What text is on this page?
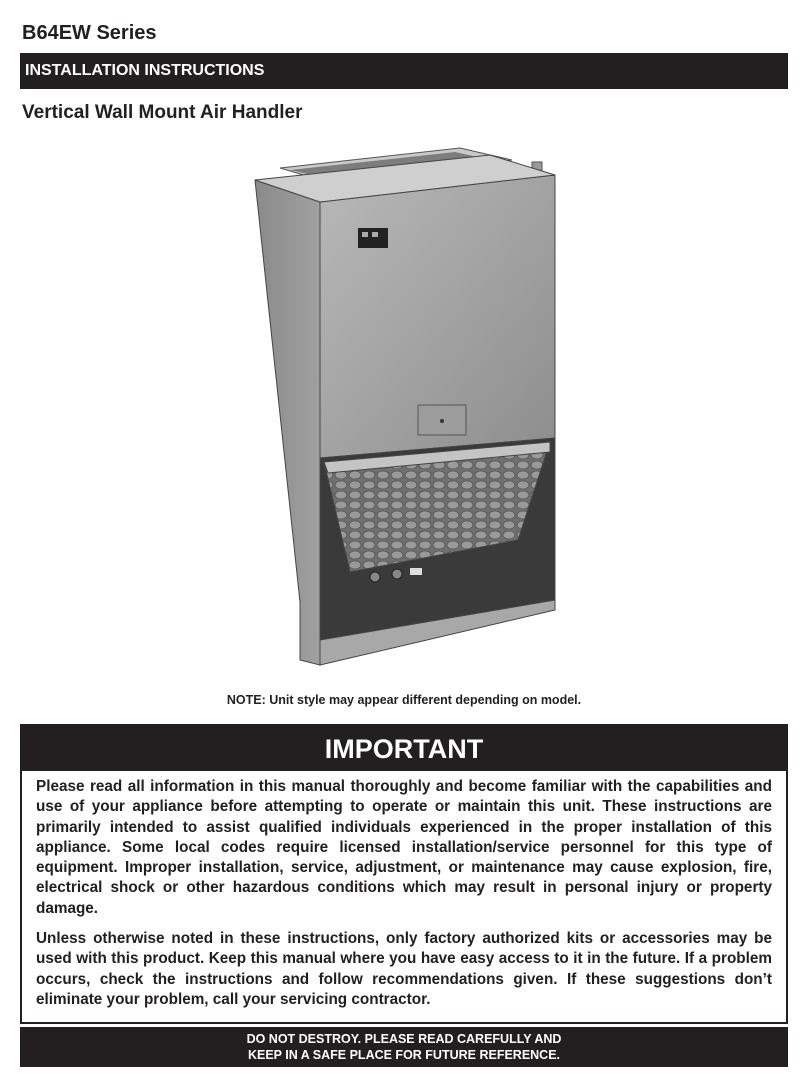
B64EW Series
INSTALLATION INSTRUCTIONS
Vertical Wall Mount Air Handler
NOTE: Unit style may appear different depending on model.
IMPORTANT

Please read all information in this manual thoroughly and become familiar with the capabilities and use of your appliance before attempting to operate or maintain this unit. These instructions are primarily intended to assist qualified individuals experienced in the proper installation of this appliance. Some local codes require licensed installation/service personnel for this type of equipment. Improper installation, service, adjustment, or maintenance may cause explosion, fire, electrical shock or other hazardous conditions which may result in personal injury or property damage.

Unless otherwise noted in these instructions, only factory authorized kits or accessories may be used with this product. Keep this manual where you have easy access to it in the future. If a problem occurs, check the instructions and follow recommendations given. If these suggestions don’t eliminate your problem, call your servicing contractor.

DO NOT DESTROY. PLEASE READ CAREFULLY AND
KEEP IN A SAFE PLACE FOR FUTURE REFERENCE.
